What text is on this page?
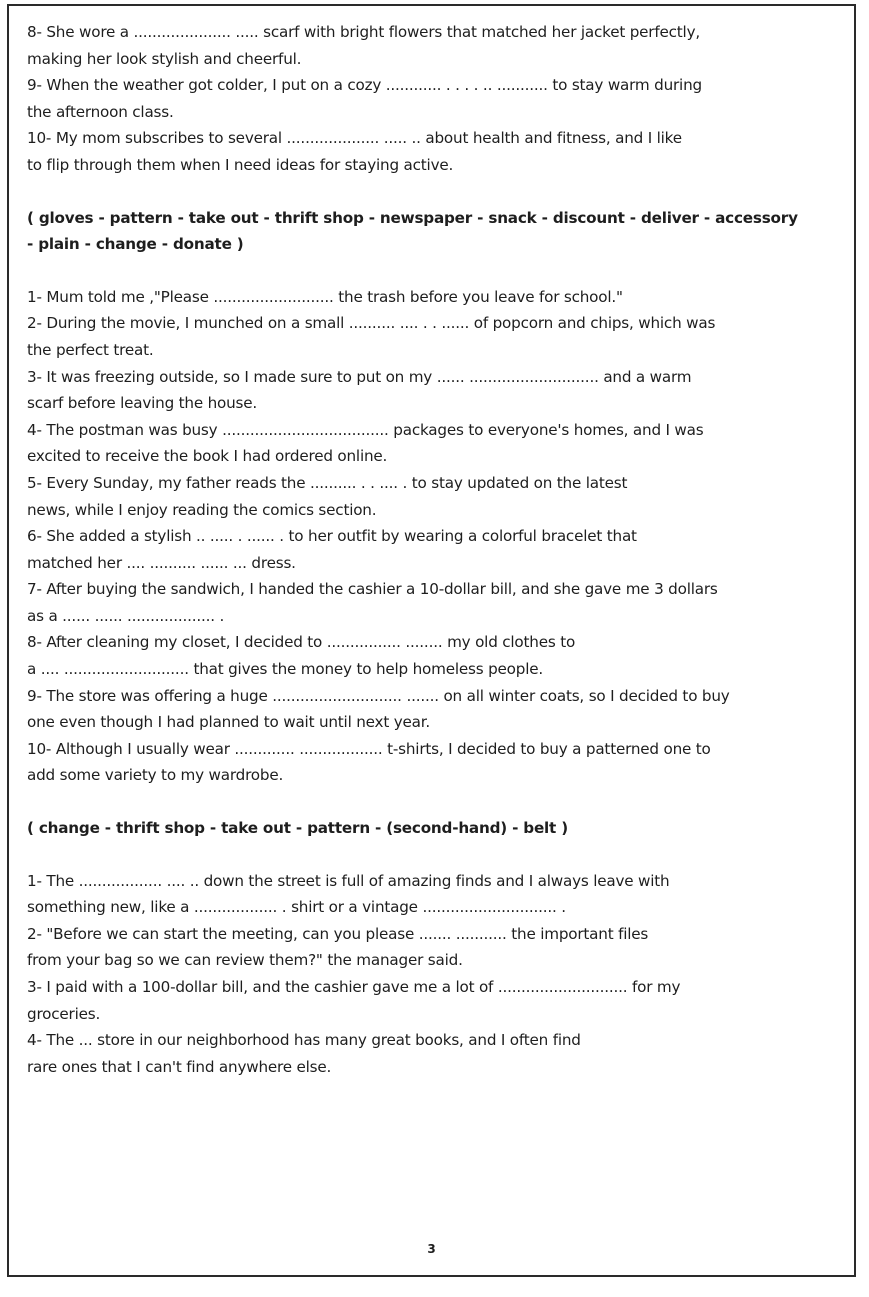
8- She wore a ..................... ..... scarf with bright flowers that matched her jacket perfectly,
making her look stylish and cheerful.
9- When the weather got colder, I put on a cozy ............ . . . . .. ........... to stay warm during
the afternoon class.
10- My mom subscribes to several .................... ..... .. about health and fitness, and I like
to flip through them when I need ideas for staying active.
( gloves - pattern - take out - thrift shop - newspaper - snack - discount - deliver - accessory
- plain - change - donate )
1- Mum told me ,"Please .......................... the trash before you leave for school."
2- During the movie, I munched on a small .......... .... . . ...... of popcorn and chips, which was
the perfect treat.
3- It was freezing outside, so I made sure to put on my ...... ............................ and a warm
scarf before leaving the house.
4- The postman was busy .................................... packages to everyone's homes, and I was
excited to receive the book I had ordered online.
5- Every Sunday, my father reads the .......... . . .... . to stay updated on the latest
news, while I enjoy reading the comics section.
6- She added a stylish .. ..... . ...... . to her outfit by wearing a colorful bracelet that
matched her .... .......... ...... ... dress.
7- After buying the sandwich, I handed the cashier a 10-dollar bill, and she gave me 3 dollars
as a ...... ...... ................... .
8- After cleaning my closet, I decided to ................ ........ my old clothes to
a .... ........................... that gives the money to help homeless people.
9- The store was offering a huge ............................ ....... on all winter coats, so I decided to buy
one even though I had planned to wait until next year.
10- Although I usually wear ............. .................. t-shirts, I decided to buy a patterned one to
add some variety to my wardrobe.
( change - thrift shop - take out - pattern - (second-hand) - belt )
1- The .................. .... .. down the street is full of amazing finds and I always leave with
something new, like a .................. . shirt or a vintage ............................. .
2- "Before we can start the meeting, can you please ....... ........... the important files
from your bag so we can review them?" the manager said.
3- I paid with a 100-dollar bill, and the cashier gave me a lot of ............................ for my
groceries.
4- The ... store in our neighborhood has many great books, and I often find
rare ones that I can't find anywhere else.
3
